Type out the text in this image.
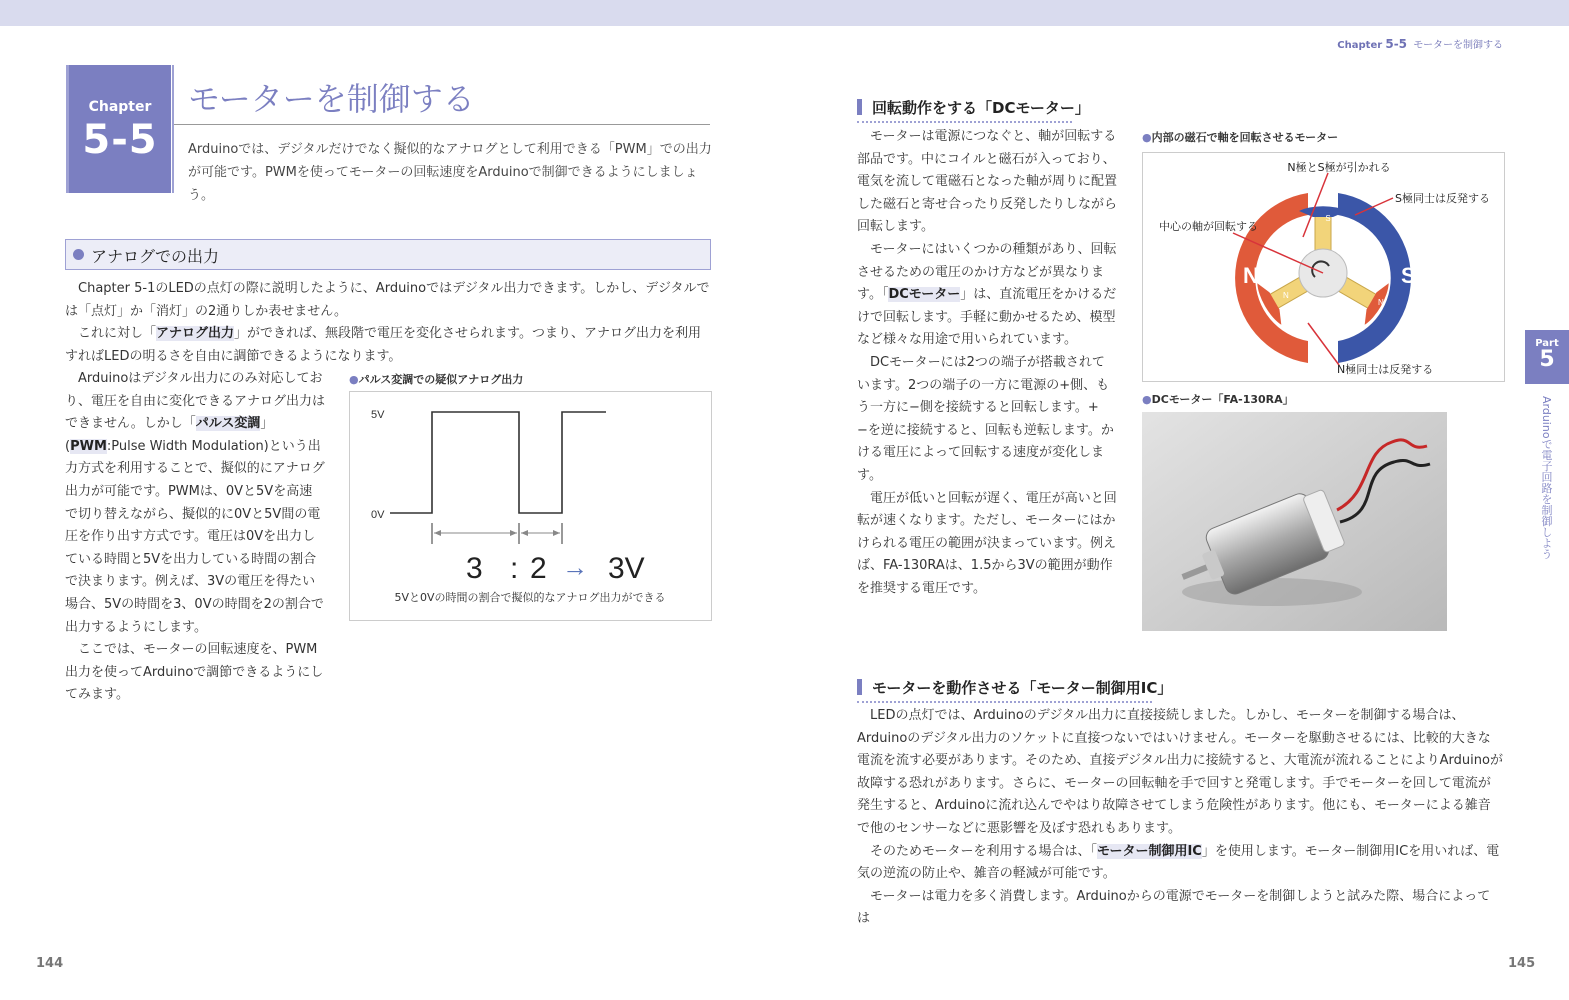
Chapter 5-5 モーターを制御する
Chapter
5-5
モーターを制御する
Arduinoでは、デジタルだけでなく擬似的なアナログとして利用できる「PWM」での出力が可能です。PWMを使ってモーターの回転速度をArduinoで制御できるようにしましょう。
アナログでの出力

Chapter 5-1のLEDの点灯の際に説明したように、Arduinoではデジタル出力できます。しかし、デジタルでは「点灯」か「消灯」の2通りしか表せません。

これに対し「アナログ出力」ができれば、無段階で電圧を変化させられます。つまり、アナログ出力を利用すればLEDの明るさを自由に調節できるようになります。

Arduinoはデジタル出力にのみ対応しており、電圧を自由に変化できるアナログ出力はできません。しかし「パルス変調」(PWM:Pulse Width Modulation)という出力方式を利用することで、擬似的にアナログ出力が可能です。PWMは、0Vと5Vを高速で切り替えながら、擬似的に0Vと5V間の電圧を作り出す方式です。電圧は0Vを出力している時間と5Vを出力している時間の割合で決まります。例えば、3Vの電圧を得たい場合、5Vの時間を3、0Vの時間を2の割合で出力するようにします。

ここでは、モーターの回転速度を、PWM出力を使ってArduinoで調節できるようにしてみます。

●パルス変調での疑似アナログ出力
5V
0V
3 : 2 → 3V
5Vと0Vの時間の割合で擬似的なアナログ出力ができる
回転動作をする「DCモーター」

モーターは電源につなぐと、軸が回転する部品です。中にコイルと磁石が入っており、電気を流して電磁石となった軸が周りに配置した磁石と寄せ合ったり反発したりしながら回転します。

モーターにはいくつかの種類があり、回転させるための電圧のかけ方などが異なります。「DCモーター」は、直流電圧をかけるだけで回転します。手軽に動かせるため、模型など様々な用途で用いられています。

DCモーターには2つの端子が搭載されています。2つの端子の一方に電源の+側、もう一方に−側を接続すると回転します。+−を逆に接続すると、回転も逆転します。かける電圧によって回転する速度が変化します。

電圧が低いと回転が遅く、電圧が高いと回転が速くなります。ただし、モーターにはかけられる電圧の範囲が決まっています。例えば、FA-130RAは、1.5から3Vの範囲が動作を推奨する電圧です。

●内部の磁石で軸を回転させるモーター
S
N
N
N	S
N極とS極が引かれる
S極同士は反発する
中心の軸が回転する
N極同士は反発する
●DCモーター「FA-130RA」
モーターを動作させる「モーター制御用IC」

LEDの点灯では、Arduinoのデジタル出力に直接接続しました。しかし、モーターを制御する場合は、Arduinoのデジタル出力のソケットに直接つないではいけません。モーターを駆動させるには、比較的大きな電流を流す必要があります。そのため、直接デジタル出力に接続すると、大電流が流れることによりArduinoが故障する恐れがあります。さらに、モーターの回転軸を手で回すと発電します。手でモーターを回して電流が発生すると、Arduinoに流れ込んでやはり故障させてしまう危険性があります。他にも、モーターによる雑音で他のセンサーなどに悪影響を及ぼす恐れもあります。

そのためモーターを利用する場合は、「モーター制御用IC」を使用します。モーター制御用ICを用いれば、電気の逆流の防止や、雑音の軽減が可能です。

モーターは電力を多く消費します。Arduinoからの電源でモーターを制御しようと試みた際、場合によっては

Part
5
Arduinoで電子回路を制御しよう
144	145
